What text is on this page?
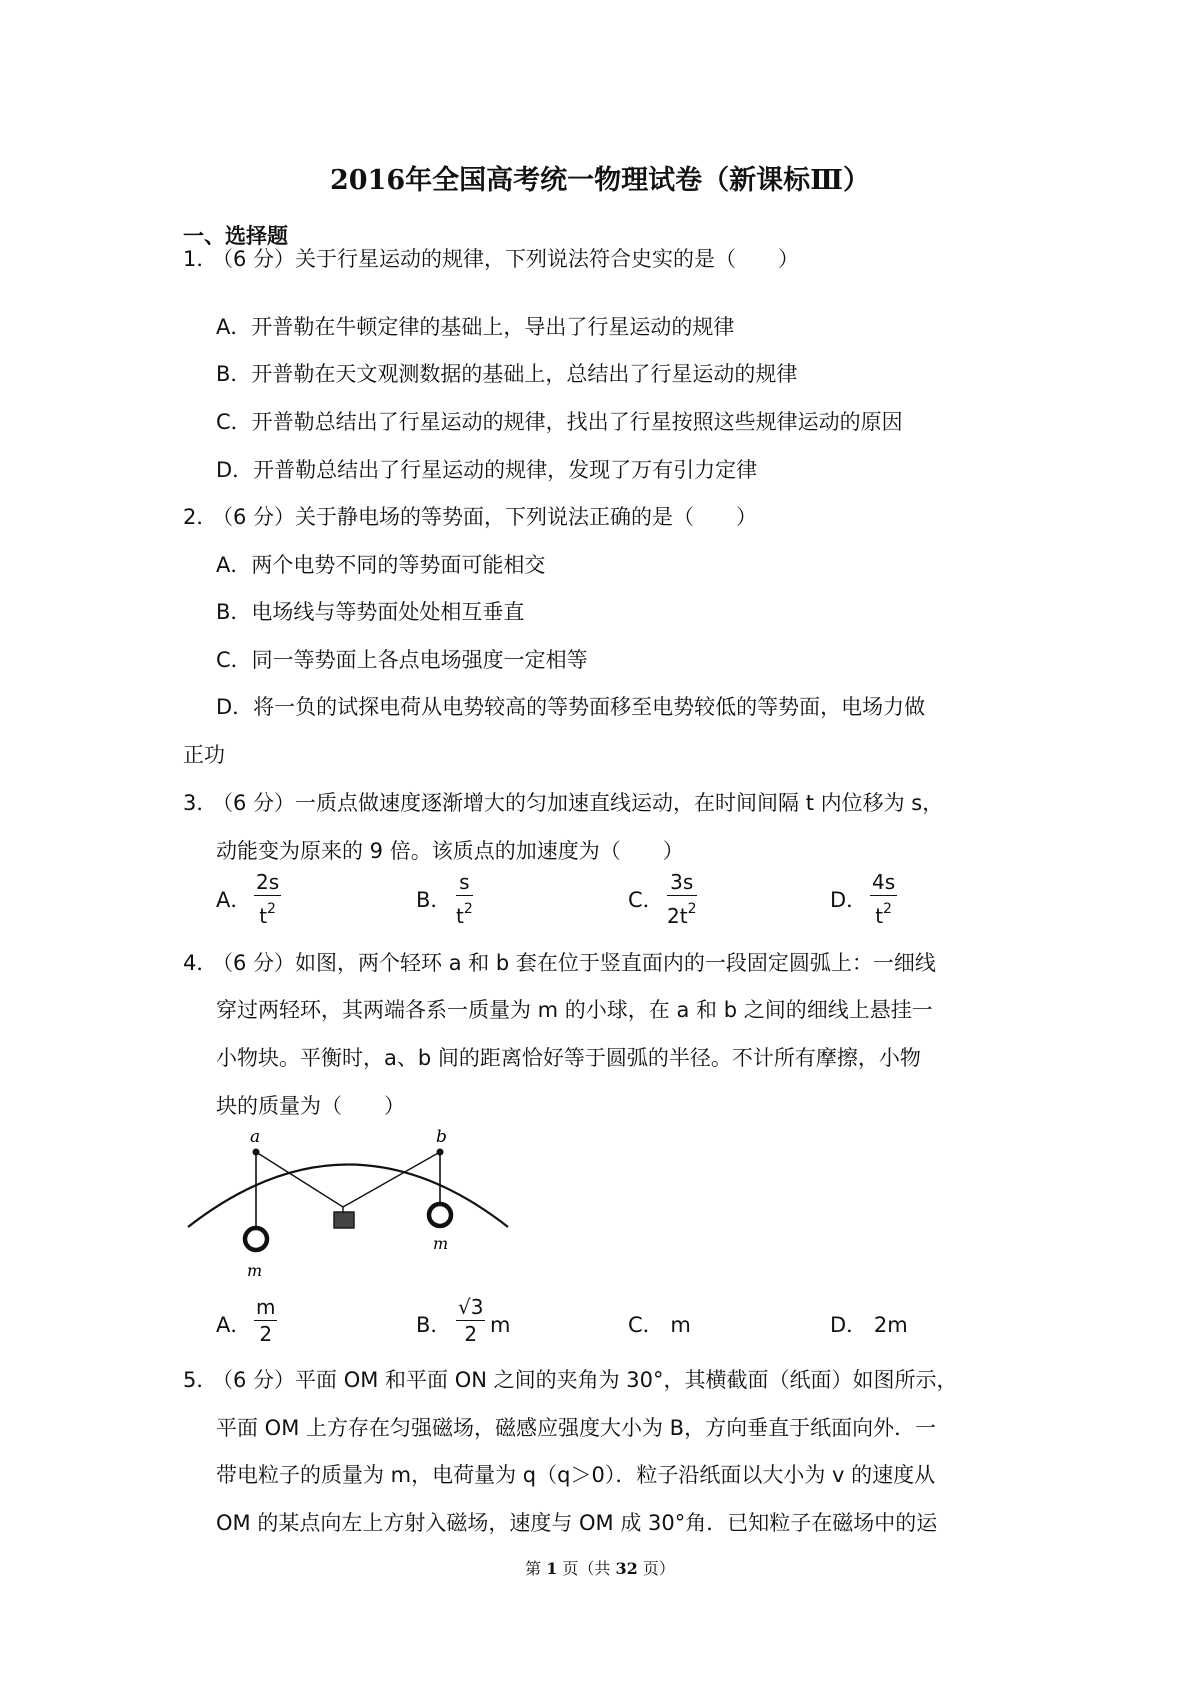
2016年全国高考统一物理试卷（新课标Ⅲ）
一、选择题
1．
（6 分）关于行星运动的规律，下列说法符合史实的是（　　）
A．开普勒在牛顿定律的基础上，导出了行星运动的规律
B．开普勒在天文观测数据的基础上，总结出了行星运动的规律
C．开普勒总结出了行星运动的规律，找出了行星按照这些规律运动的原因
D．开普勒总结出了行星运动的规律，发现了万有引力定律
2．
（6 分）关于静电场的等势面，下列说法正确的是（　　）
A．两个电势不同的等势面可能相交
B．电场线与等势面处处相互垂直
C．同一等势面上各点电场强度一定相等
D．将一负的试探电荷从电势较高的等势面移至电势较低的等势面，电场力做
正功
3．
（6 分）一质点做速度逐渐增大的匀加速直线运动，在时间间隔 t 内位移为 s，
动能变为原来的 9 倍。该质点的加速度为（　　）
A．
2s
$t^2$	B．
s
$t^2$	C．
3s
$2t^2$	D．
4s
$t^2$
4．
（6 分）如图，两个轻环 a 和 b 套在位于竖直面内的一段固定圆弧上：一细线
穿过两轻环，其两端各系一质量为 m 的小球，在 a 和 b 之间的细线上悬挂一
小物块。平衡时，a、b 间的距离恰好等于圆弧的半径。不计所有摩擦，小物
块的质量为（　　）
a	b
m
m
A．
m
2	B．
√3
2 m	C． m	D． 2m
5．
（6 分）平面 OM 和平面 ON 之间的夹角为 30°，其横截面（纸面）如图所示，
平面 OM 上方存在匀强磁场，磁感应强度大小为 B，方向垂直于纸面向外．一
带电粒子的质量为 m，电荷量为 q（q＞0）．粒子沿纸面以大小为 v 的速度从
OM 的某点向左上方射入磁场，速度与 OM 成 30°角．已知粒子在磁场中的运
第 1 页（共 32 页）
